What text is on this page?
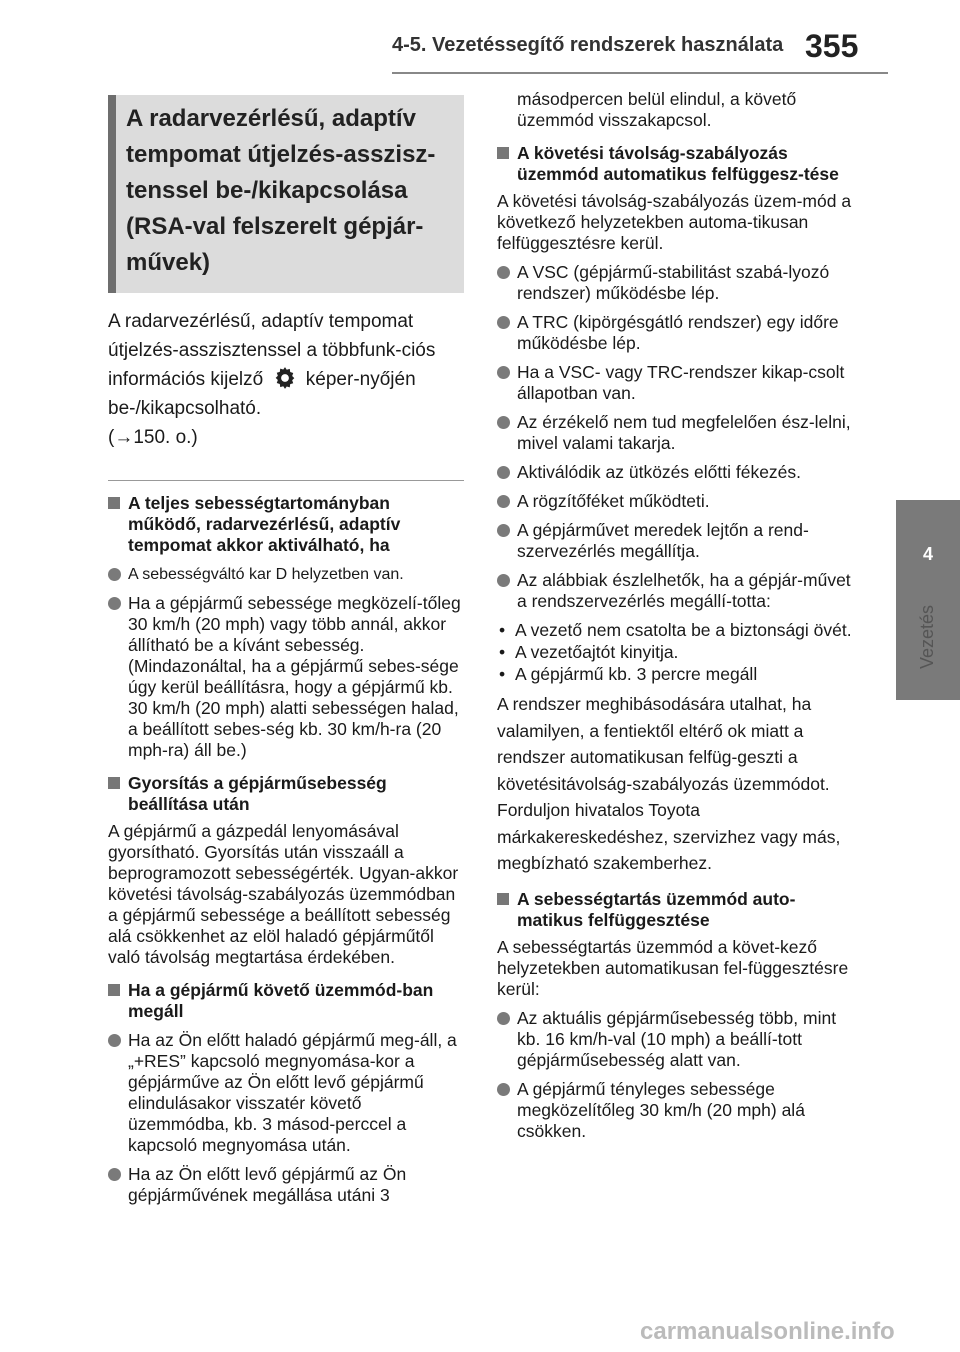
4-5. Vezetéssegítő rendszerek használata 355
4
Vezetés
A radarvezérlésű, adaptív
tempomat útjelzés-asszisz-
tenssel be-/kikapcsolása
(RSA-val felszerelt gépjár-
művek)
A radarvezérlésű, adaptív tempomat útjelzés-asszisztenssel a többfunk-ciós információs kijelző képer-nyőjén be-/kikapcsolható.
(→150. o.)
A teljes sebességtartományban működő, radarvezérlésű, adaptív tempomat akkor aktiválható, ha
A sebességváltó kar D helyzetben van.
Ha a gépjármű sebessége megközelí-tőleg 30 km/h (20 mph) vagy több annál, akkor állítható be a kívánt sebesség.
(Mindazonáltal, ha a gépjármű sebes-sége úgy kerül beállításra, hogy a gépjármű kb. 30 km/h (20 mph) alatti sebességen halad, a beállított sebes-ség kb. 30 km/h-ra (20 mph-ra) áll be.)
Gyorsítás a gépjárműsebesség beállítása után
A gépjármű a gázpedál lenyomásával gyorsítható. Gyorsítás után visszaáll a beprogramozott sebességérték. Ugyan-akkor követési távolság-szabályozás üzemmódban a gépjármű sebessége a beállított sebesség alá csökkenhet az elöl haladó gépjárműtől való távolság megtartása érdekében.
Ha a gépjármű követő üzemmód-ban megáll
Ha az Ön előtt haladó gépjármű meg-áll, a „+RES” kapcsoló megnyomása-kor a gépjárműve az Ön előtt levő gépjármű elindulásakor visszatér követő üzemmódba, kb. 3 másod-perccel a kapcsoló megnyomása után.
Ha az Ön előtt levő gépjármű az Ön gépjárművének megállása utáni 3
másodpercen belül elindul, a követő üzemmód visszakapcsol.
A követési távolság-szabályozás üzemmód automatikus felfüggesz-tése
A követési távolság-szabályozás üzem-mód a következő helyzetekben automa-tikusan felfüggesztésre kerül.
A VSC (gépjármű-stabilitást szabá-lyozó rendszer) működésbe lép.
A TRC (kipörgésgátló rendszer) egy időre működésbe lép.
Ha a VSC- vagy TRC-rendszer kikap-csolt állapotban van.
Az érzékelő nem tud megfelelően ész-lelni, mivel valami takarja.
Aktiválódik az ütközés előtti fékezés.
A rögzítőféket működteti.
A gépjárművet meredek lejtőn a rend-szervezérlés megállítja.
Az alábbiak észlelhetők, ha a gépjár-művet a rendszervezérlés megállí-totta:
• A vezető nem csatolta be a biztonsági övét.
• A vezetőajtót kinyitja.
• A gépjármű kb. 3 percre megáll
A rendszer meghibásodására utalhat, ha valamilyen, a fentiektől eltérő ok miatt a rendszer automatikusan felfüg-geszti a követésitávolság-szabályozás üzemmódot. Forduljon hivatalos Toyota márkakereskedéshez, szervizhez vagy más, megbízható szakemberhez.
A sebességtartás üzemmód auto-matikus felfüggesztése
A sebességtartás üzemmód a követ-kező helyzetekben automatikusan fel-függesztésre kerül:
Az aktuális gépjárműsebesség több, mint kb. 16 km/h-val (10 mph) a beállí-tott gépjárműsebesség alatt van.
A gépjármű tényleges sebessége megközelítőleg 30 km/h (20 mph) alá csökken.
carmanualsonline.info
